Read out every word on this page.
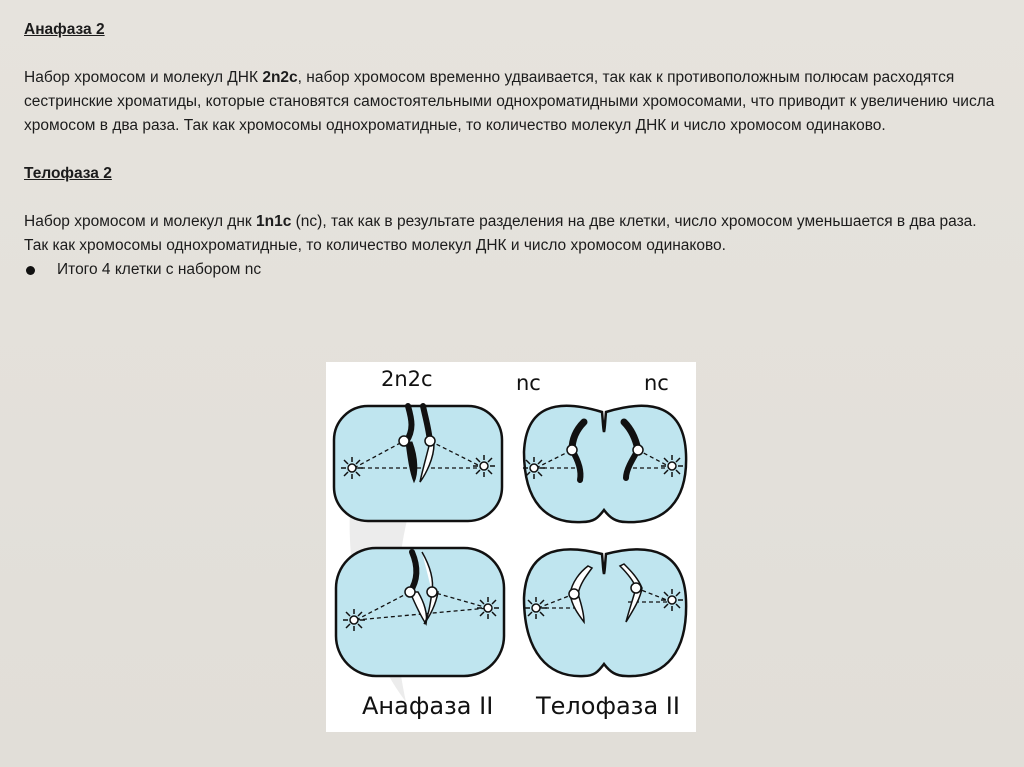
Анафаза 2

Набор хромосом и молекул ДНК 2n2c, набор хромосом временно удваивается, так как к противоположным полюсам расходятся сестринские хроматиды, которые становятся самостоятельными однохроматидными хромосомами, что приводит к увеличению числа хромосом в два раза. Так как хромосомы однохроматидные, то количество молекул ДНК и число хромосом одинаково.

Телофаза 2

Набор хромосом и молекул днк 1n1c (nc), так как в результате разделения на две клетки, число хромосом уменьшается в два раза. Так как хромосомы однохроматидные, то количество молекул ДНК и число хромосом одинаково.

Итого 4 клетки с набором nc

2n2c	nc	nc
Анафаза II Телофаза II
